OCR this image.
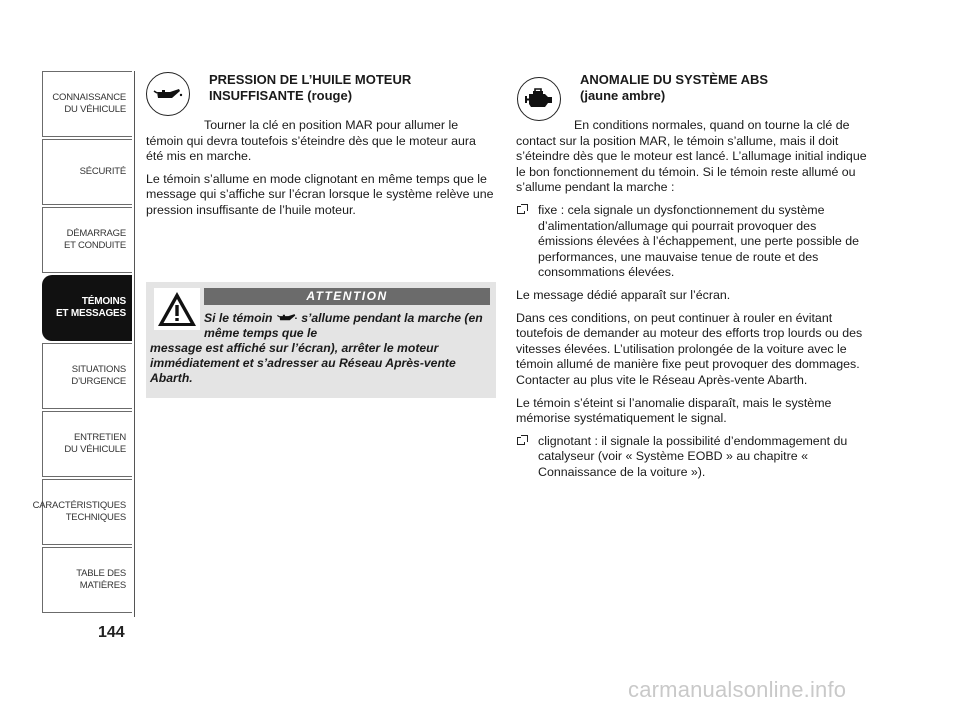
CONNAISSANCE
DU VÉHICULE
SÉCURITÉ
DÉMARRAGE
ET CONDUITE
TÉMOINS
ET MESSAGES
SITUATIONS
D’URGENCE
ENTRETIEN
DU VÉHICULE
CARACTÉRISTIQUES
TECHNIQUES
TABLE DES
MATIÈRES
144
PRESSION DE L’HUILE MOTEUR INSUFFISANTE (rouge)

Tourner la clé en position MAR pour allumer le témoin qui devra toutefois s’éteindre dès que le moteur aura été mis en marche.

Le témoin s’allume en mode clignotant en même temps que le message qui s’affiche sur l’écran lorsque le système relève une pression insuffisante de l’huile moteur.

ATTENTION
Si le témoin s’allume pendant la marche (en même temps que le
message est affiché sur l’écran), arrêter le moteur immédiatement et s’adresser au Réseau Après-vente Abarth.
ANOMALIE DU SYSTÈME ABS
(jaune ambre)

En conditions normales, quand on tourne la clé de contact sur la position MAR, le témoin s’allume, mais il doit s’éteindre dès que le moteur est lancé. L’allumage initial indique le bon fonctionnement du témoin. Si le témoin reste allumé ou s’allume pendant la marche :

fixe : cela signale un dysfonctionnement du système d’alimentation/allumage qui pourrait provoquer des émissions élevées à l’échappement, une perte possible de performances, une mauvaise tenue de route et des consommations élevées.

Le message dédié apparaît sur l’écran.

Dans ces conditions, on peut continuer à rouler en évitant toutefois de demander au moteur des efforts trop lourds ou des vitesses élevées. L’utilisation prolongée de la voiture avec le témoin allumé de manière fixe peut provoquer des dommages. Contacter au plus vite le Réseau Après-vente Abarth.

Le témoin s’éteint si l’anomalie disparaît, mais le système mémorise systématiquement le signal.

clignotant : il signale la possibilité d’endommagement du catalyseur (voir « Système EOBD » au chapitre « Connaissance de la voiture »).

carmanualsonline.info
